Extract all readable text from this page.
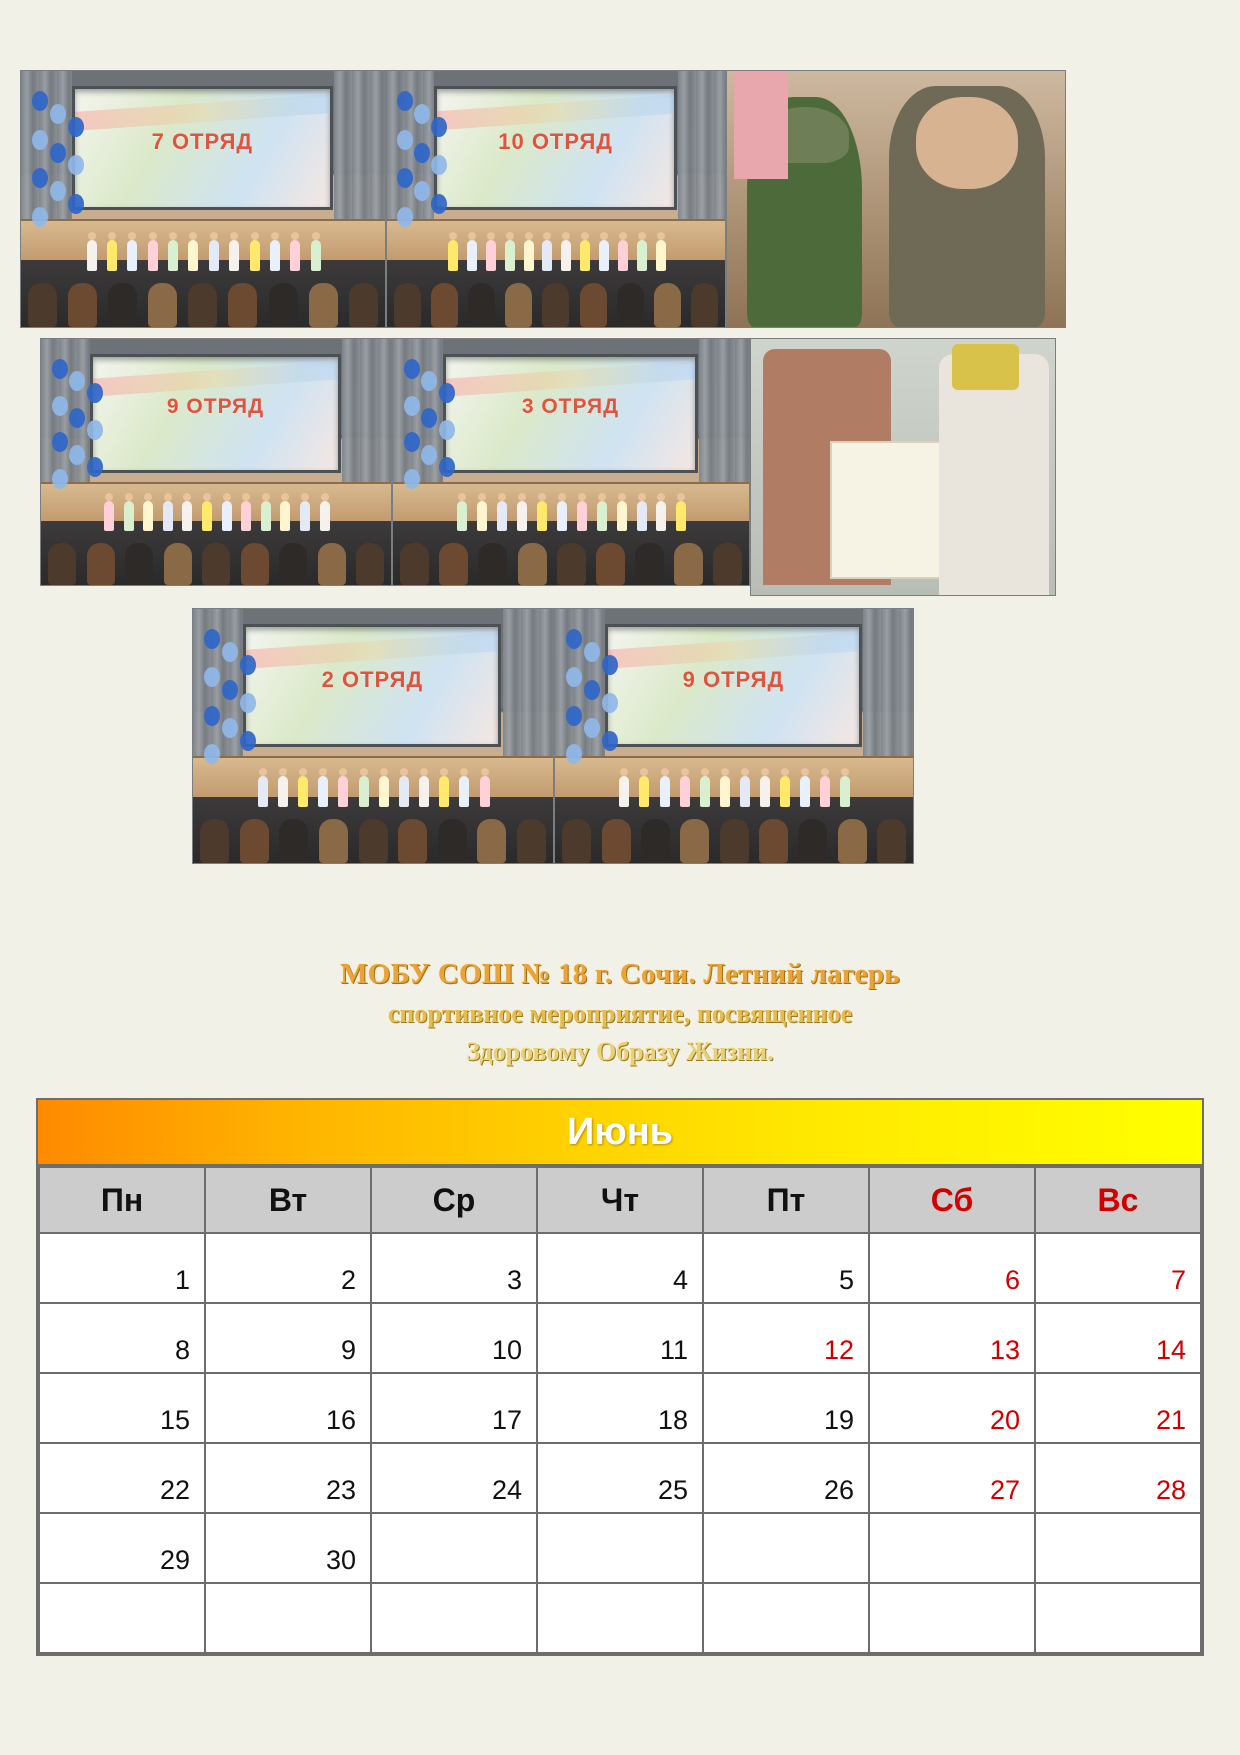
7 ОТРЯД	10 ОТРЯД
9 ОТРЯД	3 ОТРЯД
2 ОТРЯД	9 ОТРЯД
МОБУ СОШ № 18 г. Сочи. Летний лагерь
спортивное мероприятие, посвященное
Здоровому Образу Жизни.
Июнь
Пн	Вт	Ср	Чт	Пт	Сб	Вс
1	2	3	4	5	6	7
8	9	10	11	12	13	14
15	16	17	18	19	20	21
22	23	24	25	26	27	28
29	30					
